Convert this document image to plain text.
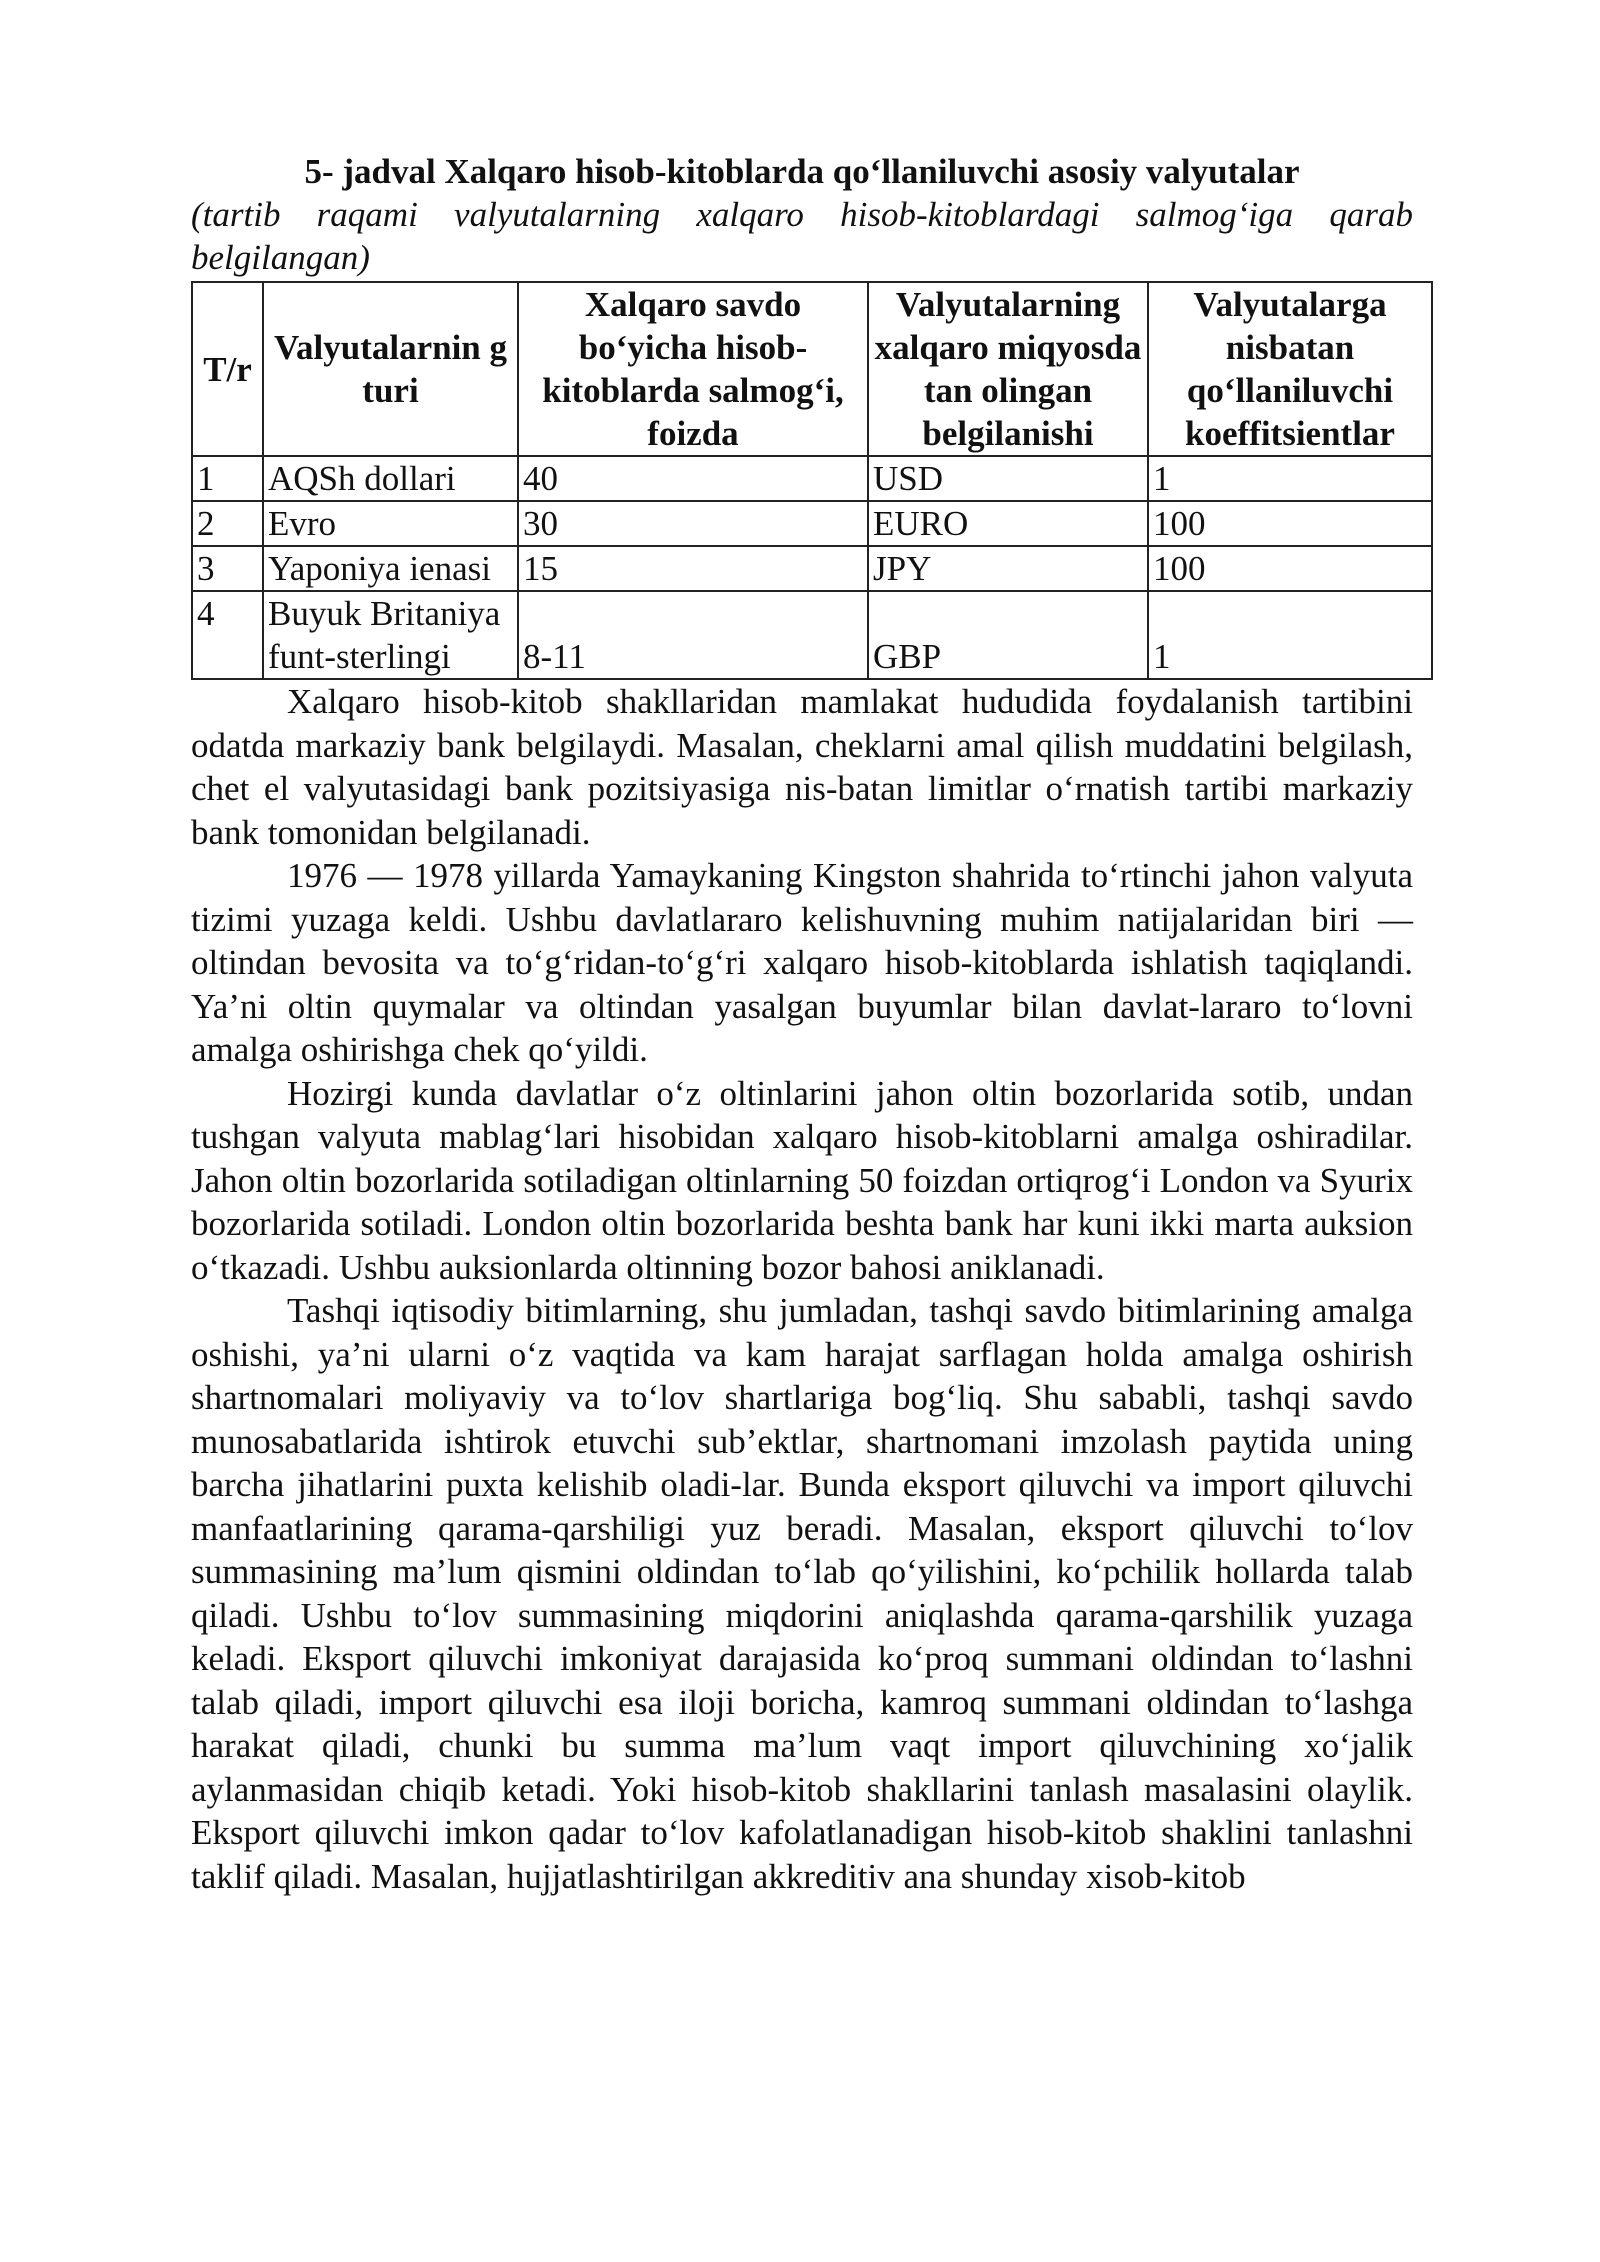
5- jadval Xalqaro hisob-kitoblarda qo‘llaniluvchi asosiy valyutalar

(tartib raqami valyutalarning xalqaro hisob-kitoblardagi salmog‘iga qarab belgilangan)

T/r	Valyutalarnin g turi	Xalqaro savdo bo‘yicha hisob-kitoblarda salmog‘i, foizda	Valyutalarning xalqaro miqyosda tan olingan belgilanishi	Valyutalarga nisbatan qo‘llaniluvchi koeffitsientlar
1	AQSh dollari	40	USD	1
2	Evro	30	EURO	100
3	Yaponiya ienasi	15	JPY	100
4	Buyuk Britaniya funt-sterlingi	8-11	GBP	1

Xalqaro hisob-kitob shakllaridan mamlakat hududida foydalanish tartibini odatda markaziy bank belgilaydi. Masalan, cheklarni amal qilish muddatini belgilash, chet el valyutasidagi bank pozitsiyasiga nis-batan limitlar o‘rnatish tartibi markaziy bank tomonidan belgilanadi.

1976 — 1978 yillarda Yamaykaning Kingston shahrida to‘rtinchi jahon valyuta tizimi yuzaga keldi. Ushbu davlatlararo kelishuvning muhim natijalaridan biri — oltindan bevosita va to‘g‘ridan-to‘g‘ri xalqaro hisob-kitoblarda ishlatish taqiqlandi. Ya’ni oltin quymalar va oltindan yasalgan buyumlar bilan davlat-lararo to‘lovni amalga oshirishga chek qo‘yildi.

Hozirgi kunda davlatlar o‘z oltinlarini jahon oltin bozorlarida sotib, undan tushgan valyuta mablag‘lari hisobidan xalqaro hisob-kitoblarni amalga oshiradilar. Jahon oltin bozorlarida sotiladigan oltinlarning 50 foizdan ortiqrog‘i London va Syurix bozorlarida sotiladi. London oltin bozorlarida beshta bank har kuni ikki marta auksion o‘tkazadi. Ushbu auksionlarda oltinning bozor bahosi aniklanadi.

Tashqi iqtisodiy bitimlarning, shu jumladan, tashqi savdo bitimlarining amalga oshishi, ya’ni ularni o‘z vaqtida va kam harajat sarflagan holda amalga oshirish shartnomalari moliyaviy va to‘lov shartlariga bog‘liq. Shu sababli, tashqi savdo munosabatlarida ishtirok etuvchi sub’ektlar, shartnomani imzolash paytida uning barcha jihatlarini puxta kelishib oladi-lar. Bunda eksport qiluvchi va import qiluvchi manfaatlarining qarama-qarshiligi yuz beradi. Masalan, eksport qiluvchi to‘lov summasining ma’lum qismini oldindan to‘lab qo‘yilishini, ko‘pchilik hollarda talab qiladi. Ushbu to‘lov summasining miqdorini aniqlashda qarama-qarshilik yuzaga keladi. Eksport qiluvchi imkoniyat darajasida ko‘proq summani oldindan to‘lashni talab qiladi, import qiluvchi esa iloji boricha, kamroq summani oldindan to‘lashga harakat qiladi, chunki bu summa ma’lum vaqt import qiluvchining xo‘jalik aylanmasidan chiqib ketadi. Yoki hisob-kitob shakllarini tanlash masalasini olaylik. Eksport qiluvchi imkon qadar to‘lov kafolatlanadigan hisob-kitob shaklini tanlashni taklif qiladi. Masalan, hujjatlashtirilgan akkreditiv ana shunday xisob-kitob
